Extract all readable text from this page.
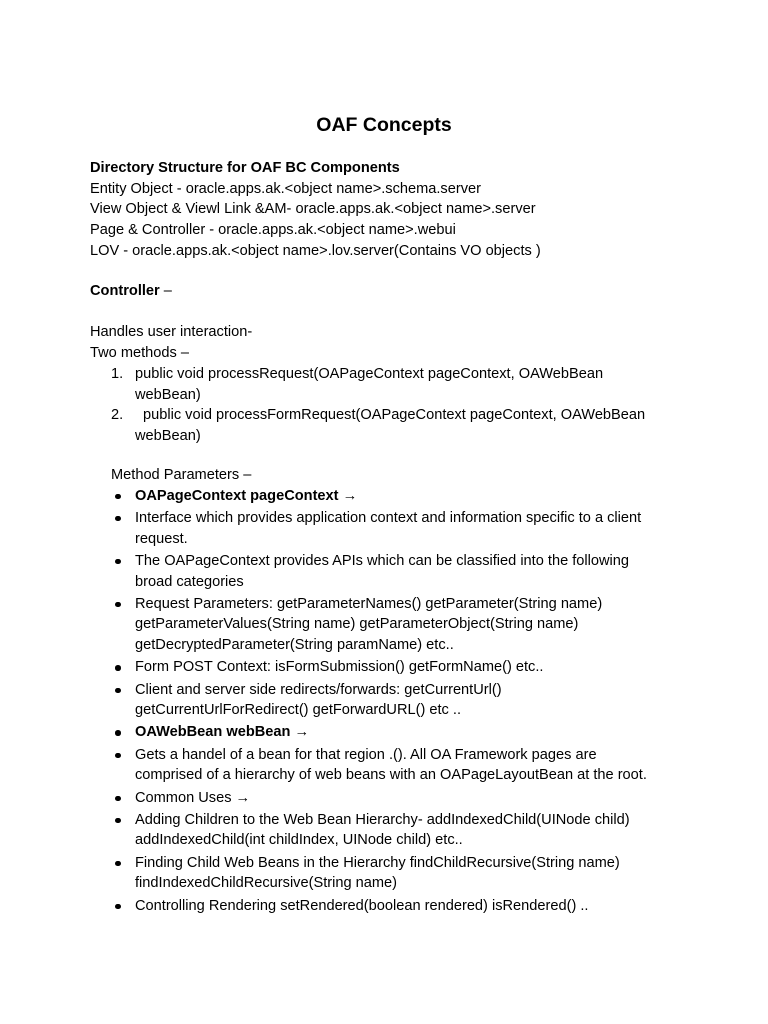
OAF Concepts
Directory Structure for OAF BC Components
Entity Object - oracle.apps.ak.<object name>.schema.server
View Object & Viewl Link &AM- oracle.apps.ak.<object name>.server
Page & Controller - oracle.apps.ak.<object name>.webui
LOV - oracle.apps.ak.<object name>.lov.server(Contains VO objects )
Controller –
Handles user interaction-
Two methods –
1. public void processRequest(OAPageContext pageContext, OAWebBean
webBean)
2.	public void processFormRequest(OAPageContext pageContext, OAWebBean
webBean)
Method Parameters –
OAPageContext pageContext →
Interface which provides application context and information specific to a client
request.
The OAPageContext provides APIs which can be classified into the following
broad categories
Request Parameters: getParameterNames() getParameter(String name)
getParameterValues(String name) getParameterObject(String name)
getDecryptedParameter(String paramName) etc..
Form POST Context: isFormSubmission() getFormName() etc..
Client and server side redirects/forwards: getCurrentUrl()
getCurrentUrlForRedirect() getForwardURL() etc ..
OAWebBean webBean →
Gets a handel of a bean for that region .(). All OA Framework pages are
comprised of a hierarchy of web beans with an OAPageLayoutBean at the root.
Common Uses →
Adding Children to the Web Bean Hierarchy- addIndexedChild(UINode child)
addIndexedChild(int childIndex, UINode child) etc..
Finding Child Web Beans in the Hierarchy findChildRecursive(String name)
findIndexedChildRecursive(String name)
Controlling Rendering setRendered(boolean rendered) isRendered() ..
